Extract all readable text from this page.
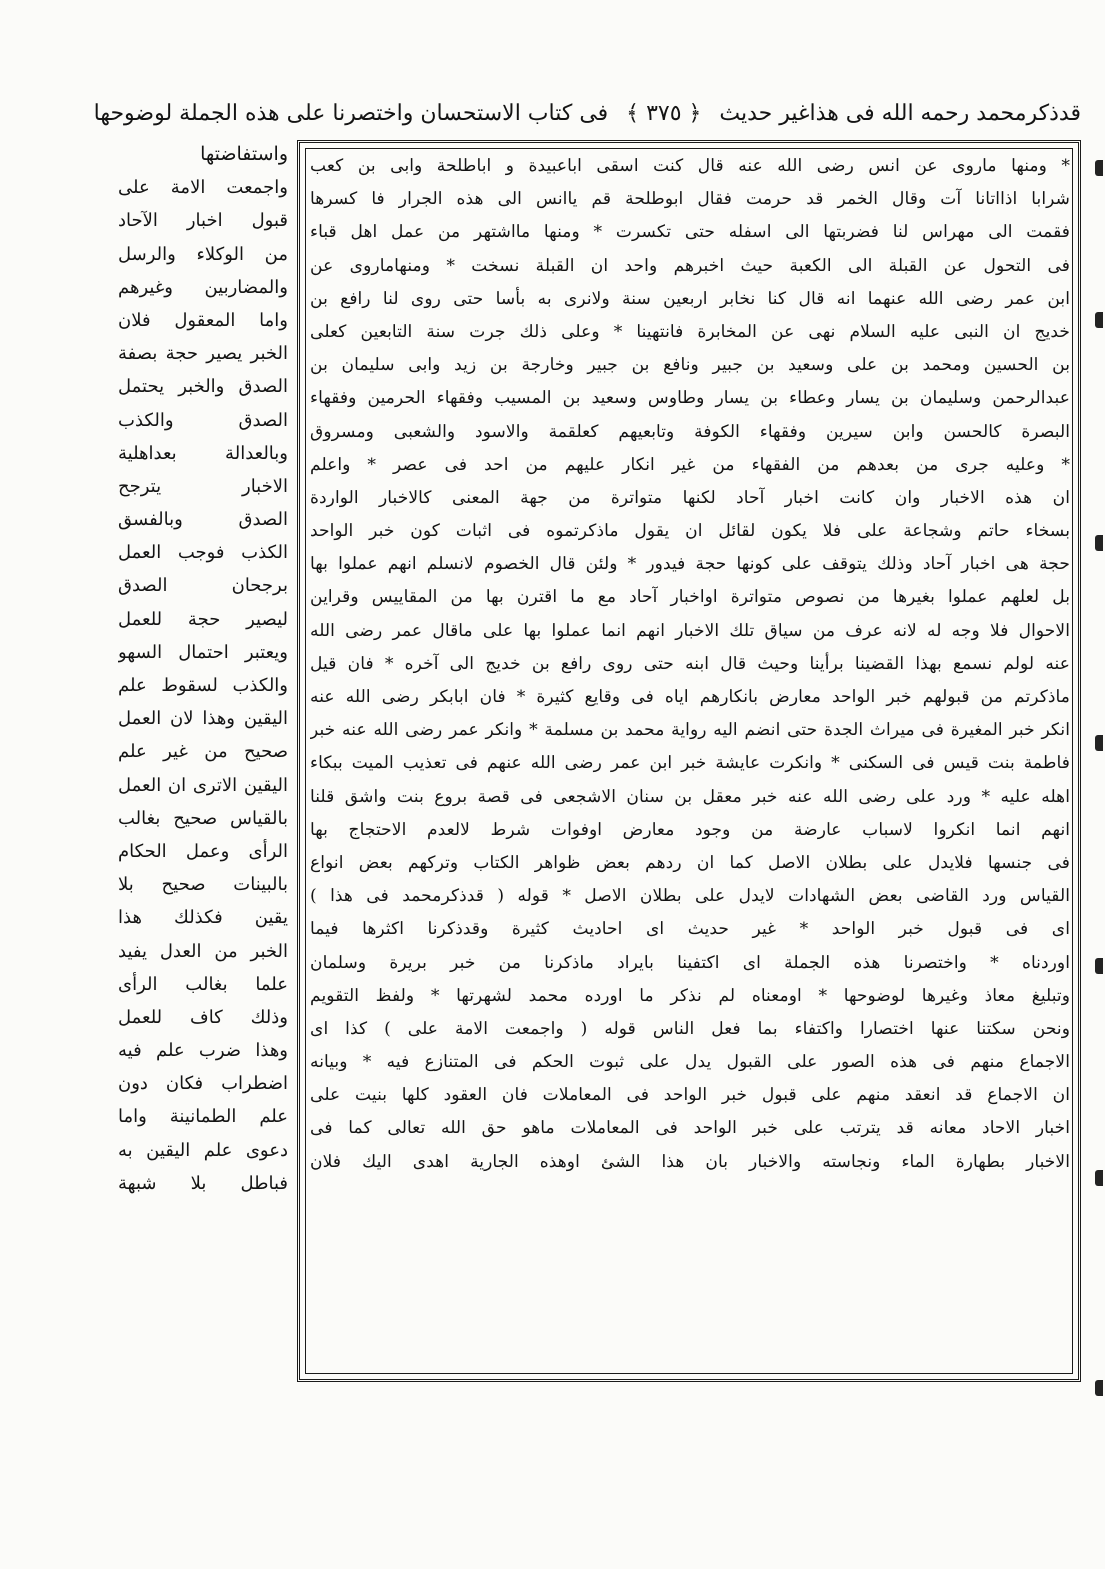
قدذكرمحمد رحمه الله فى هذاغير حديث
﴿ ٣٧٥ ﴾
فى كتاب الاستحسان واختصرنا على هذه الجملة لوضوحها
* ومنها ماروى عن انس رضى الله عنه قال كنت اسقى اباعبيدة و اباطلحة وابى بن كعب
شرابا اذااتانا آت وقال الخمر قد حرمت فقال ابوطلحة قم ياانس الى هذه الجرار فا كسرها
فقمت الى مهراس لنا فضربتها الى اسفله حتى تكسرت * ومنها مااشتهر من عمل اهل قباء
فى التحول عن القبلة الى الكعبة حيث اخبرهم واحد ان القبلة نسخت * ومنهاماروى عن
ابن عمر رضى الله عنهما انه قال كنا نخابر اربعين سنة ولانرى به بأسا حتى روى لنا رافع بن
خديج ان النبى عليه السلام نهى عن المخابرة فانتهينا * وعلى ذلك جرت سنة التابعين كعلى
بن الحسين ومحمد بن على وسعيد بن جبير ونافع بن جبير وخارجة بن زيد وابى سليمان بن
عبدالرحمن وسليمان بن يسار وعطاء بن يسار وطاوس وسعيد بن المسيب وفقهاء الحرمين وفقهاء
البصرة كالحسن وابن سيرين وفقهاء الكوفة وتابعيهم كعلقمة والاسود والشعبى ومسروق
* وعليه جرى من بعدهم من الفقهاء من غير انكار عليهم من احد فى عصر * واعلم
ان هذه الاخبار وان كانت اخبار آحاد لكنها متواترة من جهة المعنى كالاخبار الواردة
بسخاء حاتم وشجاعة على فلا يكون لقائل ان يقول ماذكرتموه فى اثبات كون خبر الواحد
حجة هى اخبار آحاد وذلك يتوقف على كونها حجة فيدور * ولئن قال الخصوم لانسلم انهم عملوا بها
بل لعلهم عملوا بغيرها من نصوص متواترة اواخبار آحاد مع ما اقترن بها من المقاييس وقراين
الاحوال فلا وجه له لانه عرف من سياق تلك الاخبار انهم انما عملوا بها على ماقال عمر رضى الله
عنه لولم نسمع بهذا القضينا برأينا وحيث قال ابنه حتى روى رافع بن خديج الى آخره * فان قيل
ماذكرتم من قبولهم خبر الواحد معارض بانكارهم اياه فى وقايع كثيرة * فان ابابكر رضى الله عنه
انكر خبر المغيرة فى ميراث الجدة حتى انضم اليه رواية محمد بن مسلمة * وانكر عمر رضى الله عنه خبر
فاطمة بنت قيس فى السكنى * وانكرت عايشة خبر ابن عمر رضى الله عنهم فى تعذيب الميت ببكاء
اهله عليه * ورد على رضى الله عنه خبر معقل بن سنان الاشجعى فى قصة بروع بنت واشق قلنا
انهم انما انكروا لاسباب عارضة من وجود معارض اوفوات شرط لالعدم الاحتجاج بها
فى جنسها فلايدل على بطلان الاصل كما ان ردهم بعض ظواهر الكتاب وتركهم بعض انواع
القياس ورد القاضى بعض الشهادات لايدل على بطلان الاصل * قوله ( قدذكرمحمد فى هذا )
اى فى قبول خبر الواحد * غير حديث اى احاديث كثيرة وقدذكرنا اكثرها فيما
اوردناه * واختصرنا هذه الجملة اى اكتفينا بايراد ماذكرنا من خبر بريرة وسلمان
وتبليغ معاذ وغيرها لوضوحها * اومعناه لم نذكر ما اورده محمد لشهرتها * ولفظ التقويم
ونحن سكتنا عنها اختصارا واكتفاء بما فعل الناس قوله ( واجمعت الامة على ) كذا اى
الاجماع منهم فى هذه الصور على القبول يدل على ثبوت الحكم فى المتنازع فيه * وبيانه
ان الاجماع قد انعقد منهم على قبول خبر الواحد فى المعاملات فان العقود كلها بنيت على
اخبار الاحاد معانه قد يترتب على خبر الواحد فى المعاملات ماهو حق الله تعالى كما فى
الاخبار بطهارة الماء ونجاسته والاخبار بان هذا الشئ اوهذه الجارية اهدى اليك فلان
واستفاضتها
واجمعت الامة على
قبول اخبار الآحاد
من الوكلاء والرسل
والمضاربين وغيرهم
واما المعقول فلان
الخبر يصير حجة بصفة
الصدق والخبر يحتمل
الصدق والكذب
وبالعدالة بعداهلية
الاخبار يترجح
الصدق وبالفسق
الكذب فوجب العمل
برجحان الصدق
ليصير حجة للعمل
ويعتبر احتمال السهو
والكذب لسقوط علم
اليقين وهذا لان العمل
صحيح من غير علم
اليقين الاترى ان العمل
بالقياس صحيح بغالب
الرأى وعمل الحكام
بالبينات صحيح بلا
يقين فكذلك هذا
الخبر من العدل يفيد
علما بغالب الرأى
وذلك كاف للعمل
وهذا ضرب علم فيه
اضطراب فكان دون
علم الطمانينة واما
دعوى علم اليقين به
فباطل بلا شبهة
